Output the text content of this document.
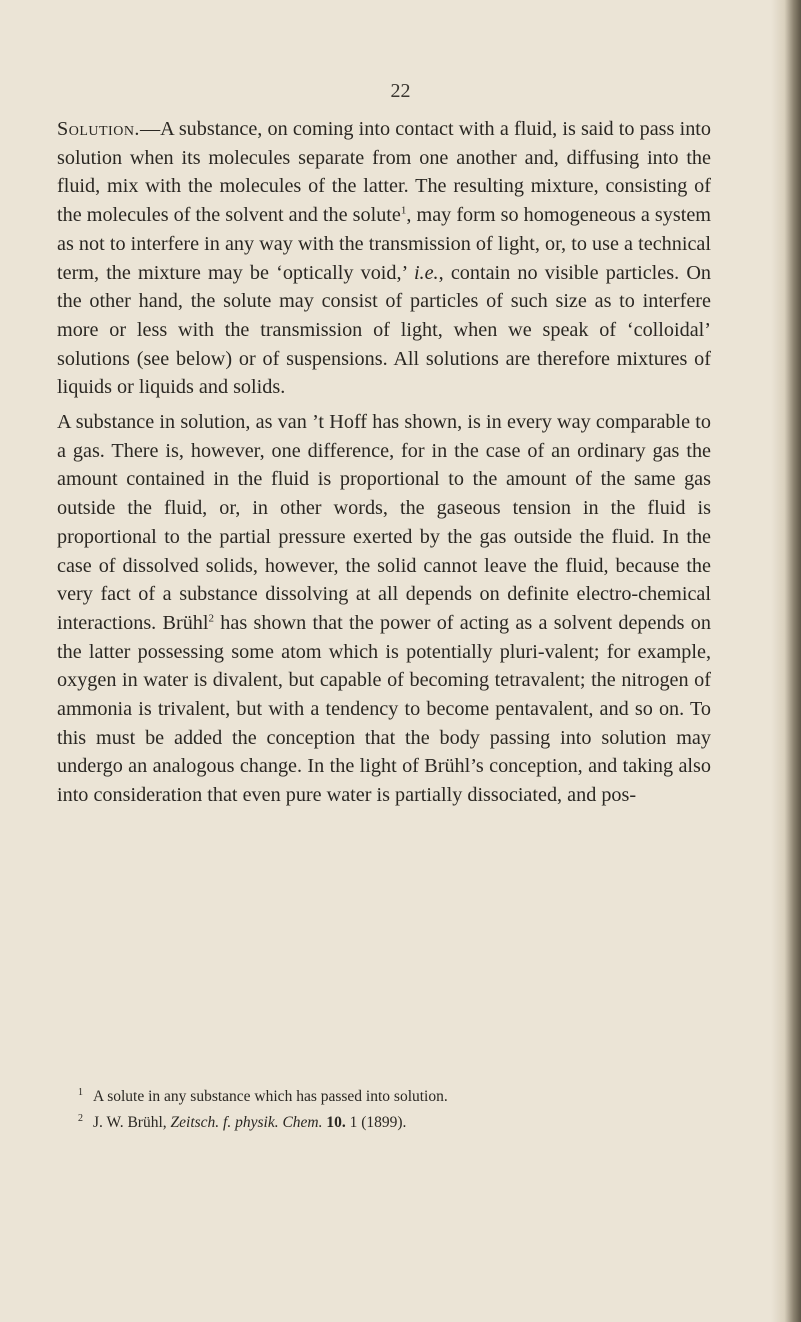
22

Solution.—A substance, on coming into contact with a fluid, is said to pass into solution when its molecules separate from one another and, diffusing into the fluid, mix with the molecules of the latter. The resulting mixture, consisting of the molecules of the solvent and the solute$^1$, may form so homogeneous a system as not to interfere in any way with the transmission of light, or, to use a technical term, the mixture may be ‘optically void,’ i.e., contain no visible particles. On the other hand, the solute may consist of particles of such size as to interfere more or less with the transmission of light, when we speak of ‘colloidal’ solutions (see below) or of suspensions. All solutions are therefore mixtures of liquids or liquids and solids.

A substance in solution, as van ’t Hoff has shown, is in every way comparable to a gas. There is, however, one difference, for in the case of an ordinary gas the amount contained in the fluid is proportional to the amount of the same gas outside the fluid, or, in other words, the gaseous tension in the fluid is proportional to the partial pressure exerted by the gas outside the fluid. In the case of dissolved solids, however, the solid cannot leave the fluid, because the very fact of a substance dissolving at all depends on definite electro-chemical interactions. Brühl$^2$ has shown that the power of acting as a solvent depends on the latter possessing some atom which is potentially pluri-valent; for example, oxygen in water is divalent, but capable of becoming tetravalent; the nitrogen of ammonia is trivalent, but with a tendency to become pentavalent, and so on. To this must be added the conception that the body passing into solution may undergo an analogous change. In the light of Brühl’s conception, and taking also into consideration that even pure water is partially dissociated, and pos-

$^1$ A solute in any substance which has passed into solution.

$^2$ J. W. Brühl, Zeitsch. f. physik. Chem. 10. 1 (1899).
